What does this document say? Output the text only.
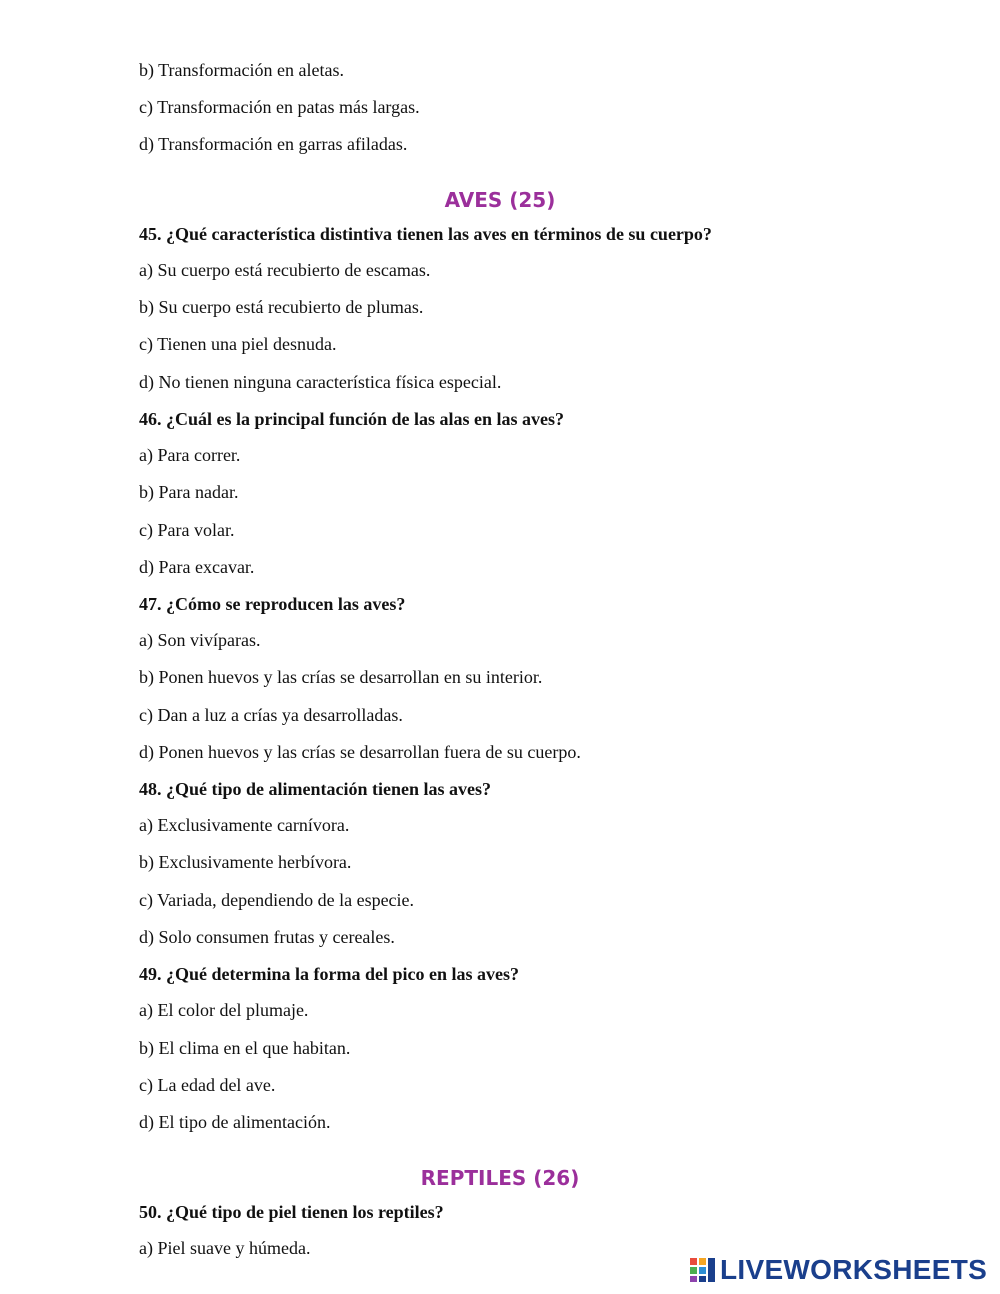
b) Transformación en aletas.
c) Transformación en patas más largas.
d) Transformación en garras afiladas.
AVES (25)
45. ¿Qué característica distintiva tienen las aves en términos de su cuerpo?
a) Su cuerpo está recubierto de escamas.
b) Su cuerpo está recubierto de plumas.
c) Tienen una piel desnuda.
d) No tienen ninguna característica física especial.
46. ¿Cuál es la principal función de las alas en las aves?
a) Para correr.
b) Para nadar.
c) Para volar.
d) Para excavar.
47. ¿Cómo se reproducen las aves?
a) Son vivíparas.
b) Ponen huevos y las crías se desarrollan en su interior.
c) Dan a luz a crías ya desarrolladas.
d) Ponen huevos y las crías se desarrollan fuera de su cuerpo.
48. ¿Qué tipo de alimentación tienen las aves?
a) Exclusivamente carnívora.
b) Exclusivamente herbívora.
c) Variada, dependiendo de la especie.
d) Solo consumen frutas y cereales.
49. ¿Qué determina la forma del pico en las aves?
a) El color del plumaje.
b) El clima en el que habitan.
c) La edad del ave.
d) El tipo de alimentación.
REPTILES (26)
50. ¿Qué tipo de piel tienen los reptiles?
a) Piel suave y húmeda.
LIVEWORKSHEETS
